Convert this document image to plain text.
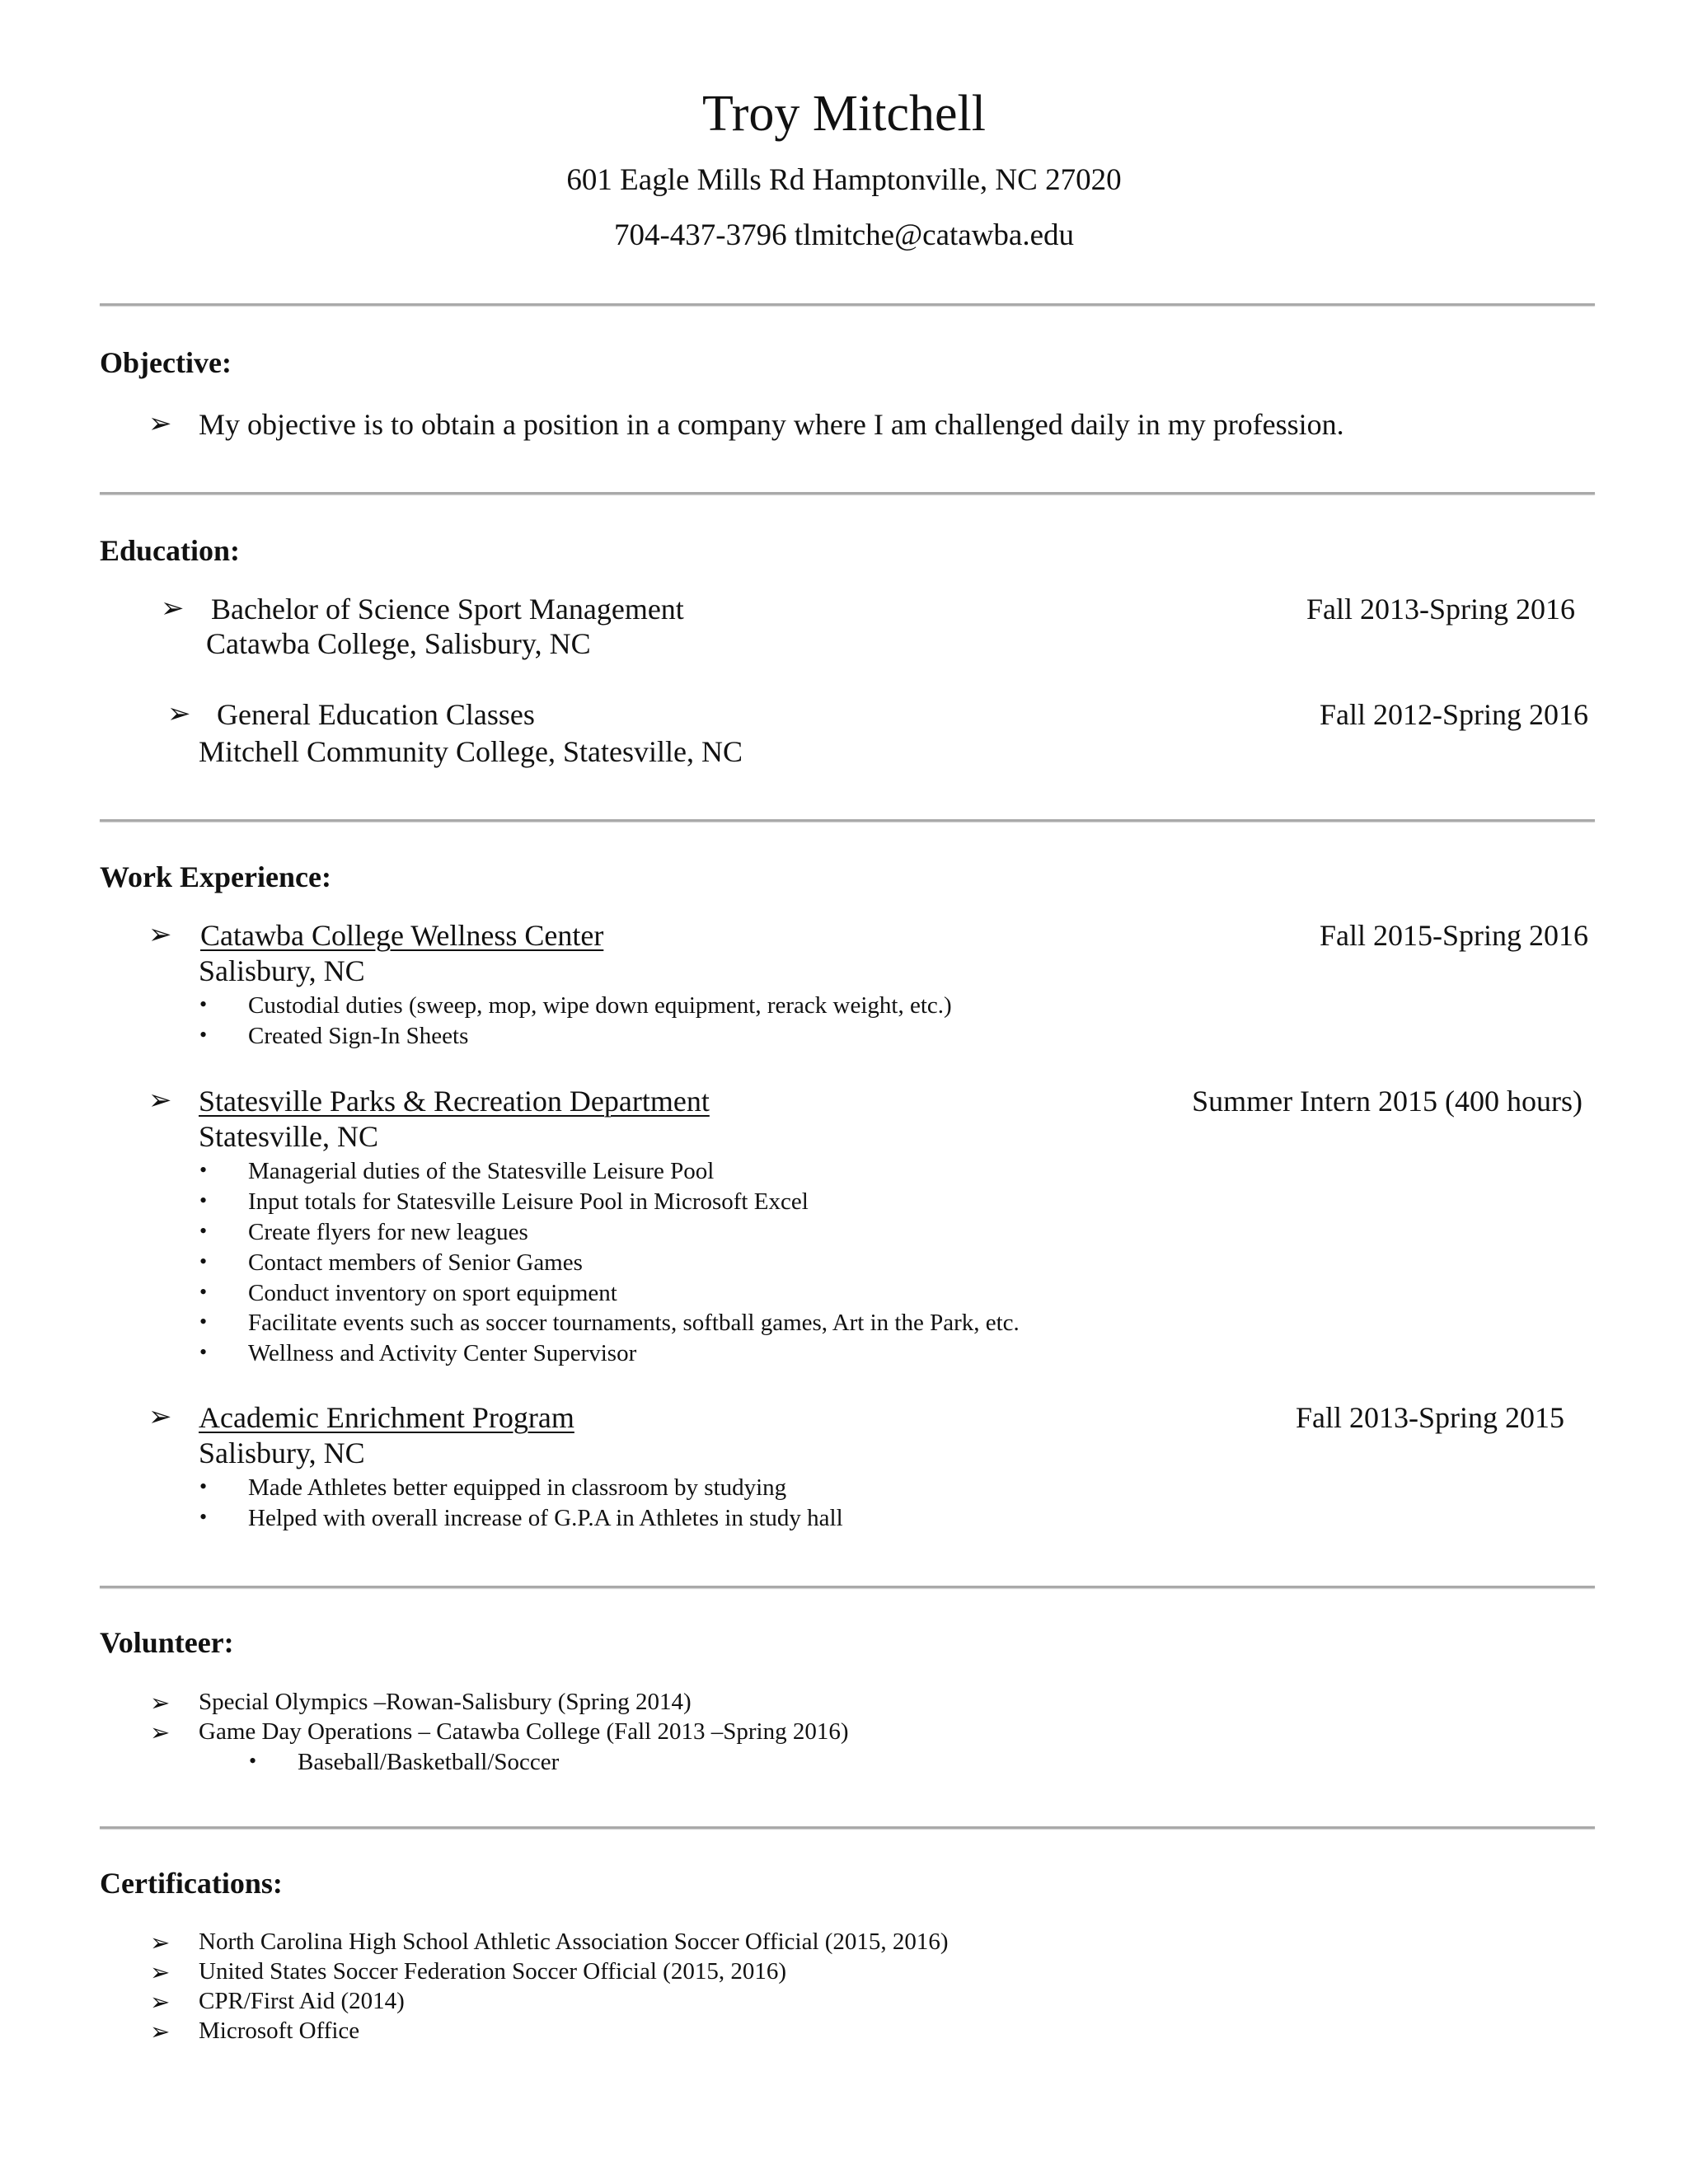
Troy Mitchell
601 Eagle Mills Rd Hamptonville, NC 27020
704-437-3796 tlmitche@catawba.edu
Objective:
➢ My objective is to obtain a position in a company where I am challenged daily in my profession.
Education:
➢ Bachelor of Science Sport Management	Fall 2013-Spring 2016
Catawba College, Salisbury, NC
➢ General Education Classes	Fall 2012-Spring 2016
Mitchell Community College, Statesville, NC
Work Experience:
➢ Catawba College Wellness Center	Fall 2015-Spring 2016
Salisbury, NC
• Custodial duties (sweep, mop, wipe down equipment, rerack weight, etc.)
• Created Sign-In Sheets
➢ Statesville Parks & Recreation Department	Summer Intern 2015 (400 hours)
Statesville, NC
• Managerial duties of the Statesville Leisure Pool
• Input totals for Statesville Leisure Pool in Microsoft Excel
• Create flyers for new leagues
• Contact members of Senior Games
• Conduct inventory on sport equipment
• Facilitate events such as soccer tournaments, softball games, Art in the Park, etc.
• Wellness and Activity Center Supervisor
➢ Academic Enrichment Program	Fall 2013-Spring 2015
Salisbury, NC
• Made Athletes better equipped in classroom by studying
• Helped with overall increase of G.P.A in Athletes in study hall
Volunteer:
➢ Special Olympics –Rowan-Salisbury (Spring 2014)
➢ Game Day Operations – Catawba College (Fall 2013 –Spring 2016)
• Baseball/Basketball/Soccer
Certifications:
➢ North Carolina High School Athletic Association Soccer Official (2015, 2016)
➢ United States Soccer Federation Soccer Official (2015, 2016)
➢ CPR/First Aid (2014)
➢ Microsoft Office
